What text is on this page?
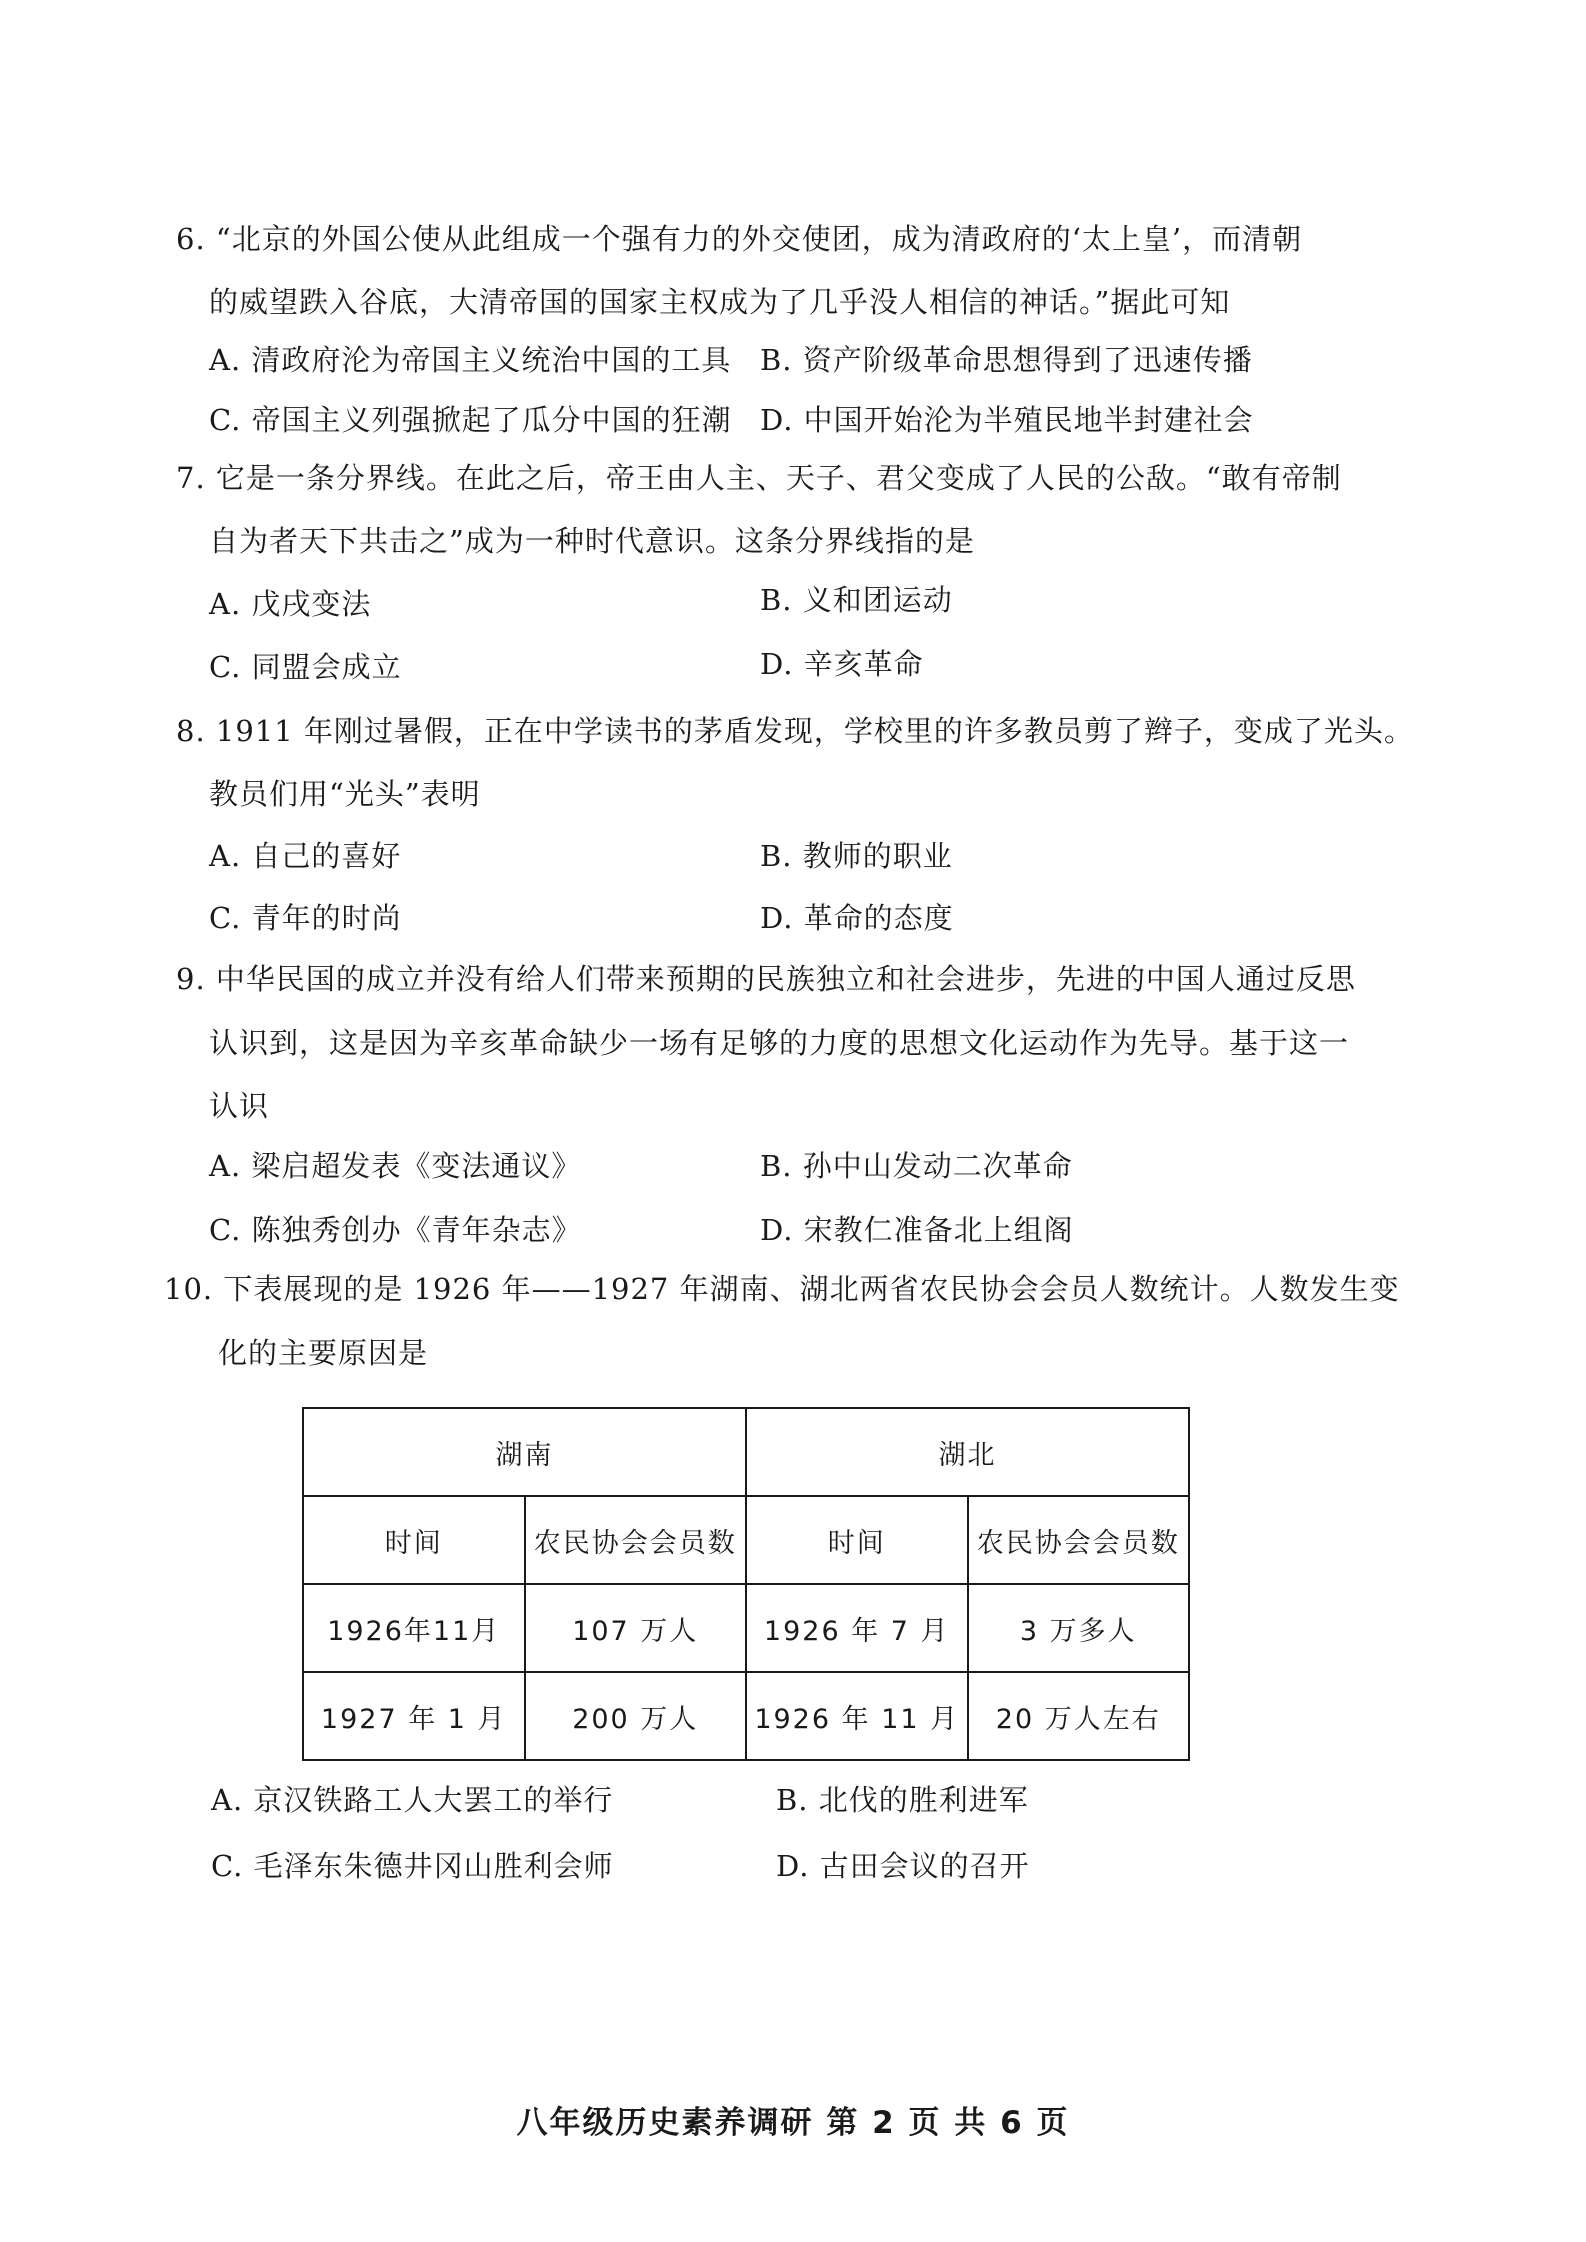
6. “北京的外国公使从此组成一个强有力的外交使团，成为清政府的‘太上皇’，而清朝
的威望跌入谷底，大清帝国的国家主权成为了几乎没人相信的神话。”据此可知
A. 清政府沦为帝国主义统治中国的工具 B. 资产阶级革命思想得到了迅速传播
C. 帝国主义列强掀起了瓜分中国的狂潮 D. 中国开始沦为半殖民地半封建社会
7. 它是一条分界线。在此之后，帝王由人主、天子、君父变成了人民的公敌。“敢有帝制
自为者天下共击之”成为一种时代意识。这条分界线指的是
A. 戊戌变法	B. 义和团运动
C. 同盟会成立	D. 辛亥革命
8. 1911 年刚过暑假，正在中学读书的茅盾发现，学校里的许多教员剪了辫子，变成了光头。
教员们用“光头”表明
A. 自己的喜好	B. 教师的职业
C. 青年的时尚	D. 革命的态度
9. 中华民国的成立并没有给人们带来预期的民族独立和社会进步，先进的中国人通过反思
认识到，这是因为辛亥革命缺少一场有足够的力度的思想文化运动作为先导。基于这一
认识
A. 梁启超发表《变法通议》	B. 孙中山发动二次革命
C. 陈独秀创办《青年杂志》	D. 宋教仁准备北上组阁
10. 下表展现的是 1926 年——1927 年湖南、湖北两省农民协会会员人数统计。人数发生变
化的主要原因是
湖南		湖北	
时间	农民协会会员数	时间	农民协会会员数
1926年11月	107 万人	1926 年 7 月	3 万多人
1927 年 1 月	200 万人	1926 年 11 月	20 万人左右
A. 京汉铁路工人大罢工的举行	B. 北伐的胜利进军
C. 毛泽东朱德井冈山胜利会师	D. 古田会议的召开
八年级历史素养调研 第 2 页 共 6 页
